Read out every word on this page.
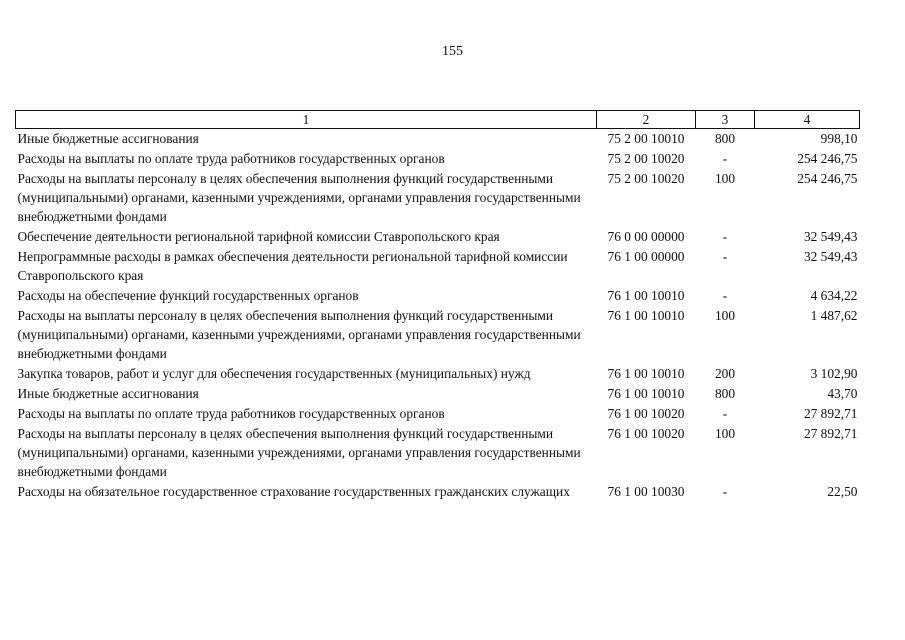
155
1	2	3	4
Иные бюджетные ассигнования	75 2 00 10010	800	998,10
Расходы на выплаты по оплате труда работников государственных органов	75 2 00 10020	-	254 246,75
Расходы на выплаты персоналу в целях обеспечения выполнения функций государственными (муниципальными) органами, казенными учреждениями, органами управления государственными внебюджетными фондами	75 2 00 10020	100	254 246,75
Обеспечение деятельности региональной тарифной комиссии Ставропольского края	76 0 00 00000	-	32 549,43
Непрограммные расходы в рамках обеспечения деятельности региональной тарифной комиссии Ставропольского края	76 1 00 00000	-	32 549,43
Расходы на обеспечение функций государственных органов	76 1 00 10010	-	4 634,22
Расходы на выплаты персоналу в целях обеспечения выполнения функций государственными (муниципальными) органами, казенными учреждениями, органами управления государственными внебюджетными фондами	76 1 00 10010	100	1 487,62
Закупка товаров, работ и услуг для обеспечения государственных (муниципальных) нужд	76 1 00 10010	200	3 102,90
Иные бюджетные ассигнования	76 1 00 10010	800	43,70
Расходы на выплаты по оплате труда работников государственных органов	76 1 00 10020	-	27 892,71
Расходы на выплаты персоналу в целях обеспечения выполнения функций государственными (муниципальными) органами, казенными учреждениями, органами управления государственными внебюджетными фондами	76 1 00 10020	100	27 892,71
Расходы на обязательное государственное страхование государственных гражданских служащих	76 1 00 10030	-	22,50
